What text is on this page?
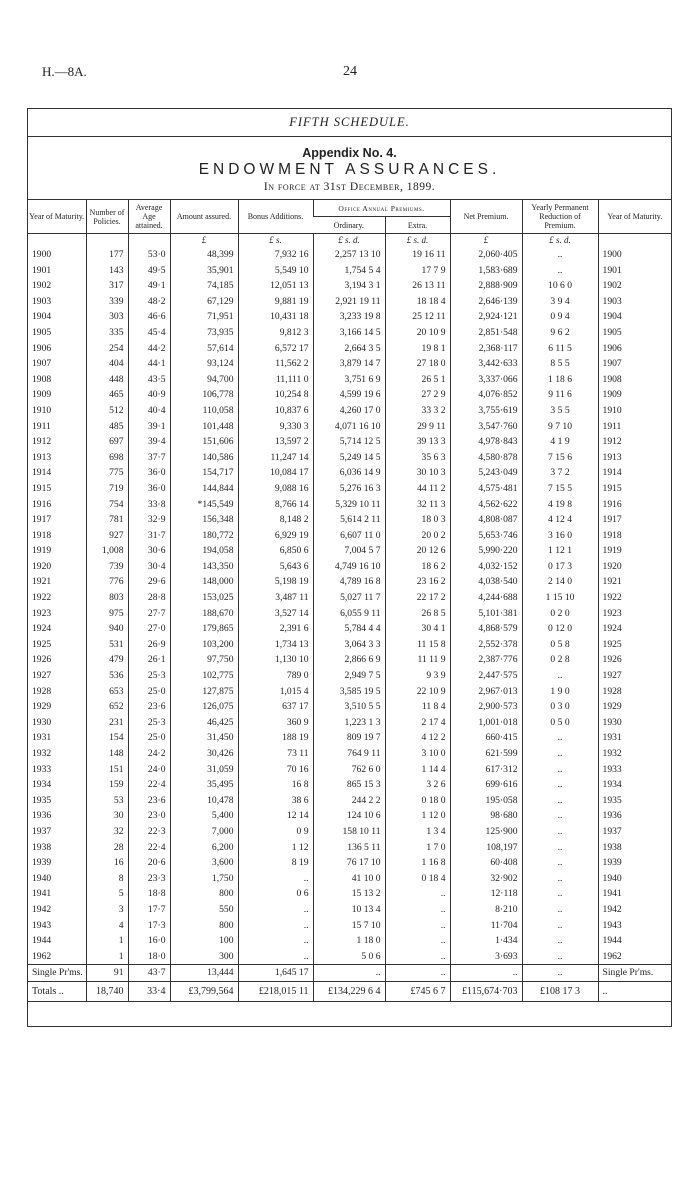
H.—8A.	24
FIFTH SCHEDULE.
Appendix No. 4.
ENDOWMENT ASSURANCES.
In force at 31st December, 1899.
Year of Maturity.	Number of Policies.	Average Age attained.	Amount assured.	Bonus Additions.	Office Annual Premiums.		Net Premium.	Yearly Permanent Reduction of Premium.	Year of Maturity.
					Ordinary.	Extra.			
			£	£ s.	£ s. d.	£ s. d.	£	£ s. d.	
1900	177	53·0	48,399	7,932 16	2,257 13 10	19 16 11	2,060·405	..	1900
1901	143	49·5	35,901	5,549 10	1,754 5 4	17 7 9	1,583·689	..	1901
1902	317	49·1	74,185	12,051 13	3,194 3 1	26 13 11	2,888·909	10 6 0	1902
1903	339	48·2	67,129	9,881 19	2,921 19 11	18 18 4	2,646·139	3 9 4	1903
1904	303	46·6	71,951	10,431 18	3,233 19 8	25 12 11	2,924·121	0 9 4	1904
1905	335	45·4	73,935	9,812 3	3,166 14 5	20 10 9	2,851·548	9 6 2	1905
1906	254	44·2	57,614	6,572 17	2,664 3 5	19 8 1	2,368·117	6 11 5	1906
1907	404	44·1	93,124	11,562 2	3,879 14 7	27 18 0	3,442·633	8 5 5	1907
1908	448	43·5	94,700	11,111 0	3,751 6 9	26 5 1	3,337·066	1 18 6	1908
1909	465	40·9	106,778	10,254 8	4,599 19 6	27 2 9	4,076·852	9 11 6	1909
1910	512	40·4	110,058	10,837 6	4,260 17 0	33 3 2	3,755·619	3 5 5	1910
1911	485	39·1	101,448	9,330 3	4,071 16 10	29 9 11	3,547·760	9 7 10	1911
1912	697	39·4	151,606	13,597 2	5,714 12 5	39 13 3	4,978·843	4 1 9	1912
1913	698	37·7	140,586	11,247 14	5,249 14 5	35 6 3	4,580·878	7 15 6	1913
1914	775	36·0	154,717	10,084 17	6,036 14 9	30 10 3	5,243·049	3 7 2	1914
1915	719	36·0	144,844	9,088 16	5,276 16 3	44 11 2	4,575·481	7 15 5	1915
1916	754	33·8	*145,549	8,766 14	5,329 10 11	32 11 3	4,562·622	4 19 8	1916
1917	781	32·9	156,348	8,148 2	5,614 2 11	18 0 3	4,808·087	4 12 4	1917
1918	927	31·7	180,772	6,929 19	6,607 11 0	20 0 2	5,653·746	3 16 0	1918
1919	1,008	30·6	194,058	6,850 6	7,004 5 7	20 12 6	5,990·220	1 12 1	1919
1920	739	30·4	143,350	5,643 6	4,749 16 10	18 6 2	4,032·152	0 17 3	1920
1921	776	29·6	148,000	5,198 19	4,789 16 8	23 16 2	4,038·540	2 14 0	1921
1922	803	28·8	153,025	3,487 11	5,027 11 7	22 17 2	4,244·688	1 15 10	1922
1923	975	27·7	188,670	3,527 14	6,055 9 11	26 8 5	5,101·381	0 2 0	1923
1924	940	27·0	179,865	2,391 6	5,784 4 4	30 4 1	4,868·579	0 12 0	1924
1925	531	26·9	103,200	1,734 13	3,064 3 3	11 15 8	2,552·378	0 5 8	1925
1926	479	26·1	97,750	1,130 10	2,866 6 9	11 11 9	2,387·776	0 2 8	1926
1927	536	25·3	102,775	789 0	2,949 7 5	9 3 9	2,447·575	..	1927
1928	653	25·0	127,875	1,015 4	3,585 19 5	22 10 9	2,967·013	1 9 0	1928
1929	652	23·6	126,075	637 17	3,510 5 5	11 8 4	2,900·573	0 3 0	1929
1930	231	25·3	46,425	360 9	1,223 1 3	2 17 4	1,001·018	0 5 0	1930
1931	154	25·0	31,450	188 19	809 19 7	4 12 2	660·415	..	1931
1932	148	24·2	30,426	73 11	764 9 11	3 10 0	621·599	..	1932
1933	151	24·0	31,059	70 16	762 6 0	1 14 4	617·312	..	1933
1934	159	22·4	35,495	16 8	865 15 3	3 2 6	699·616	..	1934
1935	53	23·6	10,478	38 6	244 2 2	0 18 0	195·058	..	1935
1936	30	23·0	5,400	12 14	124 10 6	1 12 0	98·680	..	1936
1937	32	22·3	7,000	0 9	158 10 11	1 3 4	125·900	..	1937
1938	28	22·4	6,200	1 12	136 5 11	1 7 0	108,197	..	1938
1939	16	20·6	3,600	8 19	76 17 10	1 16 8	60·408	..	1939
1940	8	23·3	1,750	..	41 10 0	0 18 4	32·902	..	1940
1941	5	18·8	800	0 6	15 13 2	..	12·118	..	1941
1942	3	17·7	550	..	10 13 4	..	8·210	..	1942
1943	4	17·3	800	..	15 7 10	..	11·704	..	1943
1944	1	16·0	100	..	1 18 0	..	1·434	..	1944
1962	1	18·0	300	..	5 0 6	..	3·693	..	1962
Single Pr'ms.	91	43·7	13,444	1,645 17	..	..	..	..	Single Pr'ms.
Totals ..	18,740	33·4	£3,799,564	£218,015 11	£134,229 6 4	£745 6 7	£115,674·703	£108 17 3	..
